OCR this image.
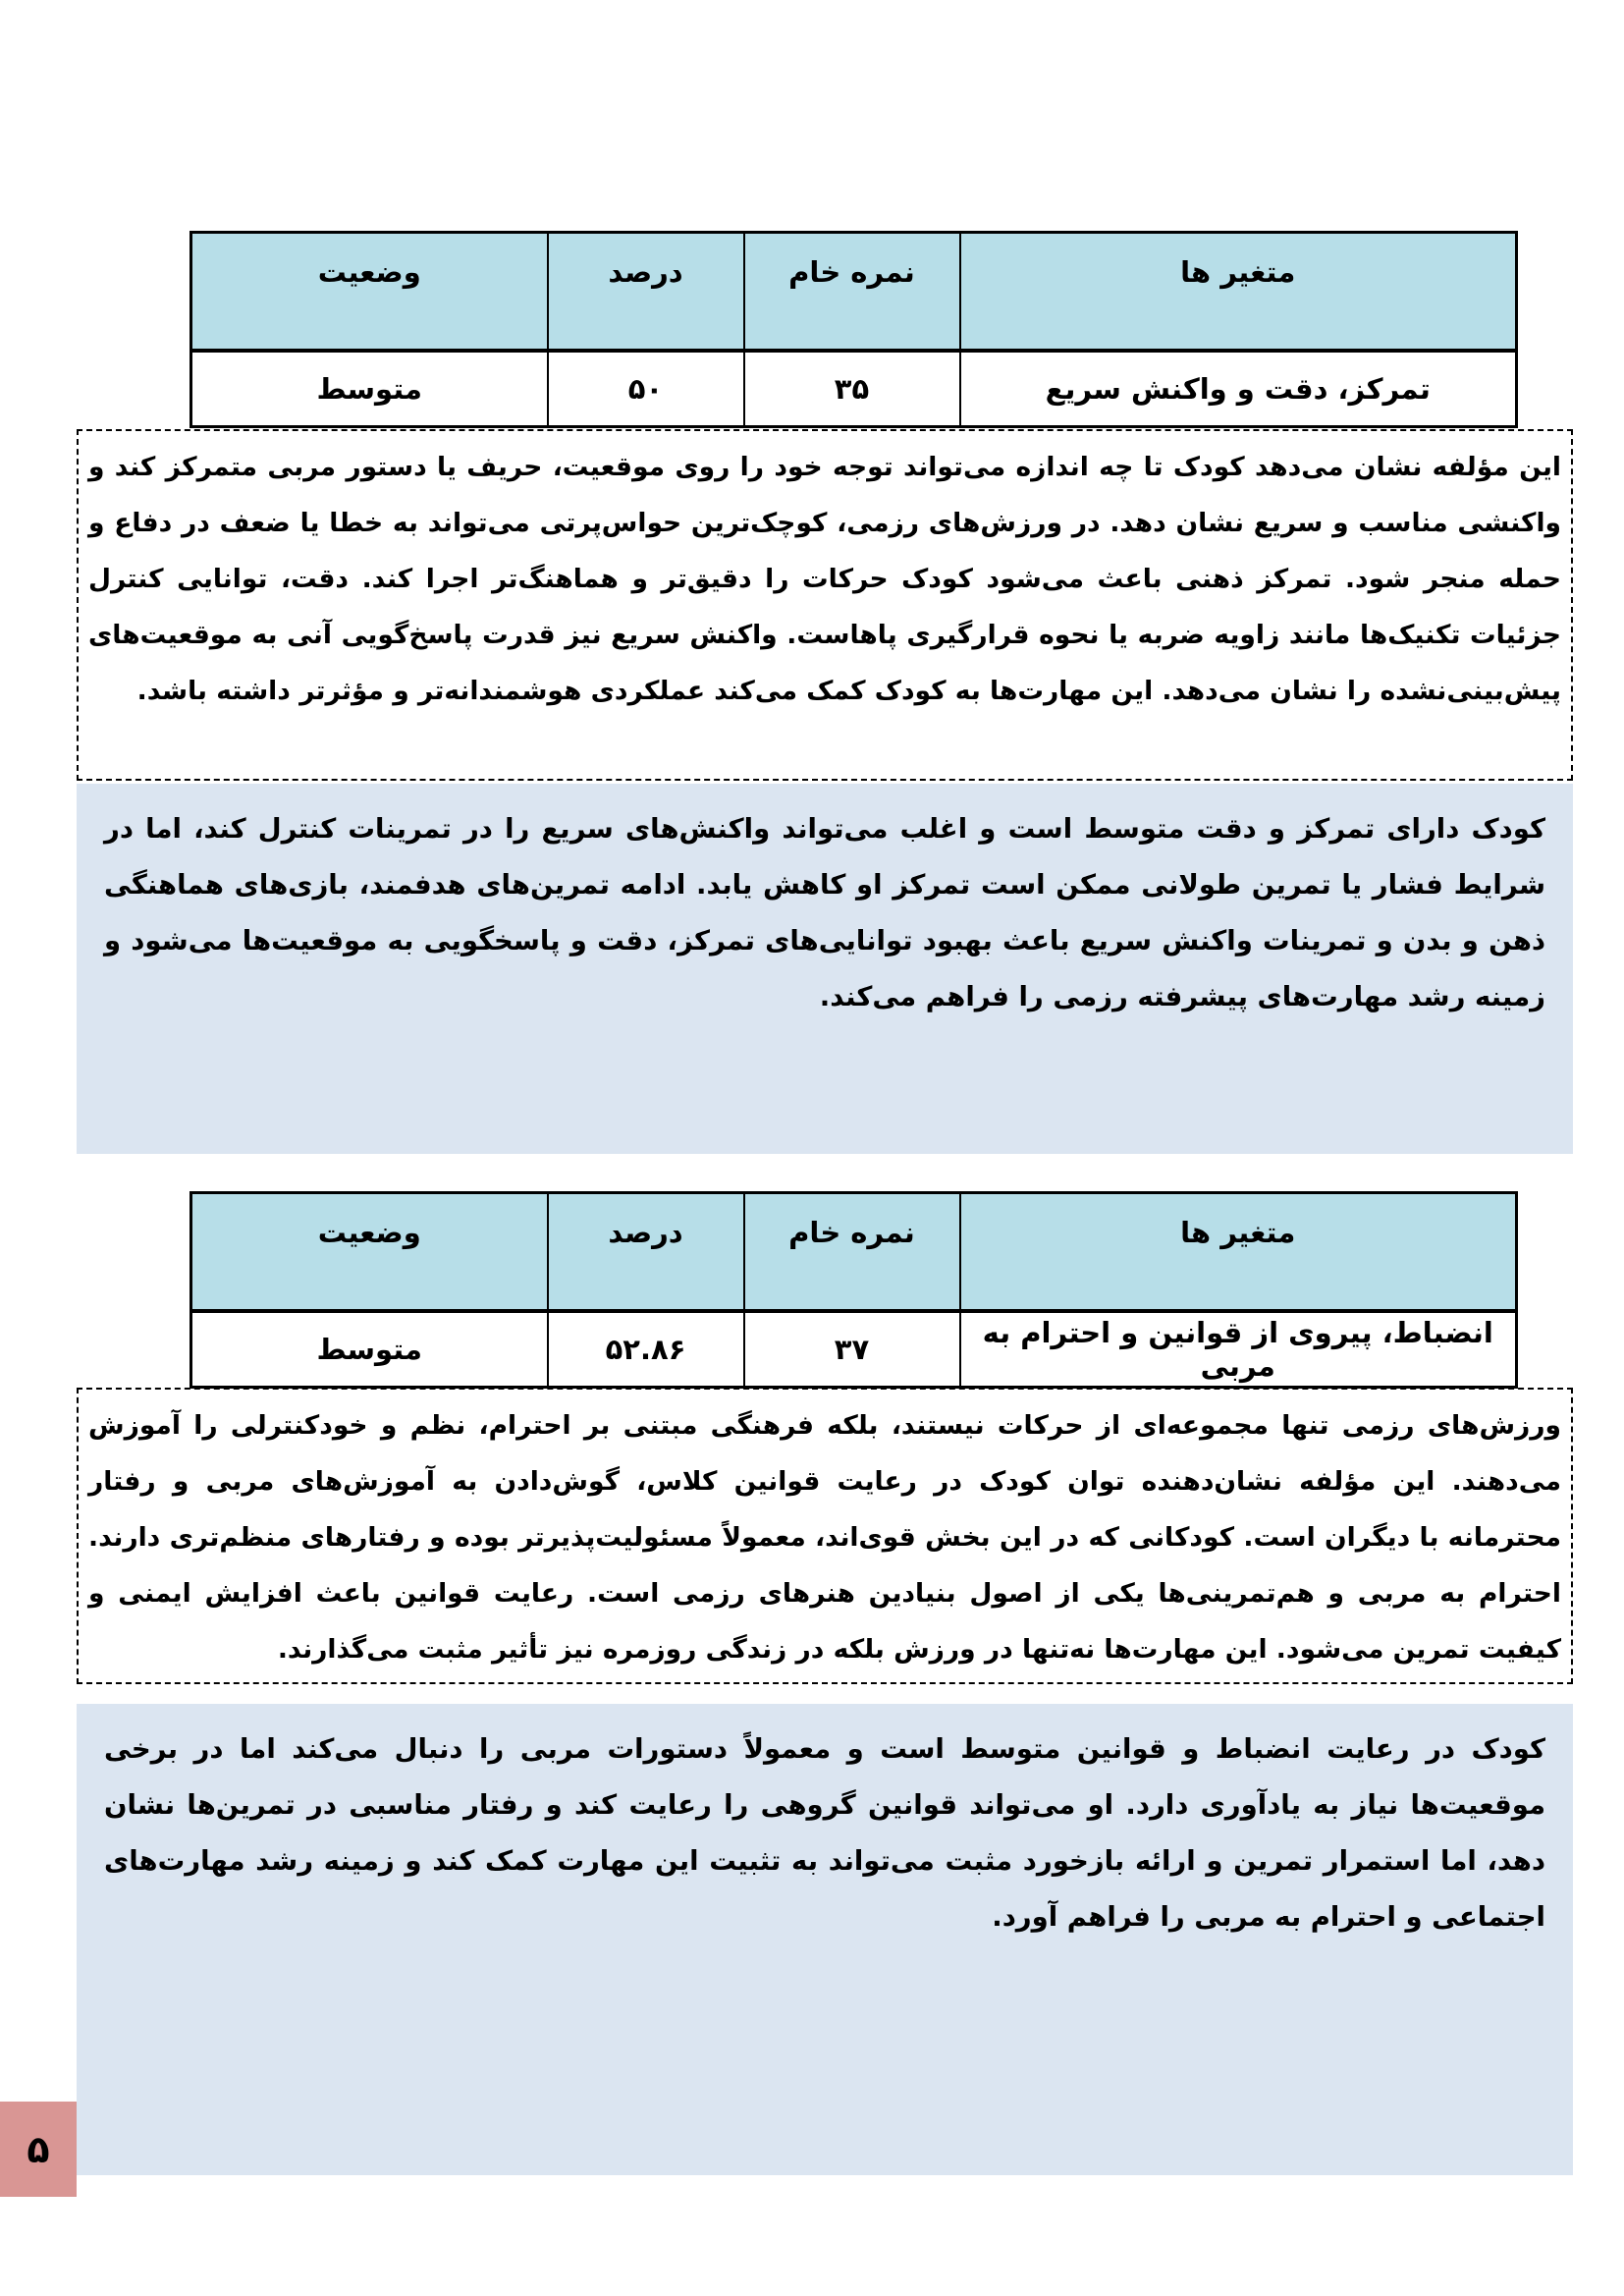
متغیر ها	نمره خام	درصد	وضعیت
تمرکز، دقت و واکنش سریع	۳۵	۵۰	متوسط
این مؤلفه نشان می‌دهد کودک تا چه اندازه می‌تواند توجه خود را روی موقعیت، حریف یا دستور مربی متمرکز کند و واکنشی مناسب و سریع نشان دهد. در ورزش‌های رزمی، کوچک‌ترین حواس‌پرتی می‌تواند به خطا یا ضعف در دفاع و حمله منجر شود. تمرکز ذهنی باعث می‌شود کودک حرکات را دقیق‌تر و هماهنگ‌تر اجرا کند. دقت، توانایی کنترل جزئیات تکنیک‌ها مانند زاویه ضربه یا نحوه قرارگیری پاهاست. واکنش سریع نیز قدرت پاسخ‌گویی آنی به موقعیت‌های پیش‌بینی‌نشده را نشان می‌دهد. این مهارت‌ها به کودک کمک می‌کند عملکردی هوشمندانه‌تر و مؤثرتر داشته باشد.
کودک دارای تمرکز و دقت متوسط است و اغلب می‌تواند واکنش‌های سریع را در تمرینات کنترل کند، اما در شرایط فشار یا تمرین طولانی ممکن است تمرکز او کاهش یابد. ادامه تمرین‌های هدفمند، بازی‌های هماهنگی ذهن و بدن و تمرینات واکنش سریع باعث بهبود توانایی‌های تمرکز، دقت و پاسخگویی به موقعیت‌ها می‌شود و زمینه رشد مهارت‌های پیشرفته رزمی را فراهم می‌کند.
متغیر ها	نمره خام	درصد	وضعیت
انضباط، پیروی از قوانین و احترام به مربی	۳۷	۵۲.۸۶	متوسط
ورزش‌های رزمی تنها مجموعه‌ای از حرکات نیستند، بلکه فرهنگی مبتنی بر احترام، نظم و خودکنترلی را آموزش می‌دهند. این مؤلفه نشان‌دهنده توان کودک در رعایت قوانین کلاس، گوش‌دادن به آموزش‌های مربی و رفتار محترمانه با دیگران است. کودکانی که در این بخش قوی‌اند، معمولاً مسئولیت‌پذیرتر بوده و رفتارهای منظم‌تری دارند. احترام به مربی و هم‌تمرینی‌ها یکی از اصول بنیادین هنرهای رزمی است. رعایت قوانین باعث افزایش ایمنی و کیفیت تمرین می‌شود. این مهارت‌ها نه‌تنها در ورزش بلکه در زندگی روزمره نیز تأثیر مثبت می‌گذارند.
کودک در رعایت انضباط و قوانین متوسط است و معمولاً دستورات مربی را دنبال می‌کند اما در برخی موقعیت‌ها نیاز به یادآوری دارد. او می‌تواند قوانین گروهی را رعایت کند و رفتار مناسبی در تمرین‌ها نشان دهد، اما استمرار تمرین و ارائه بازخورد مثبت می‌تواند به تثبیت این مهارت کمک کند و زمینه رشد مهارت‌های اجتماعی و احترام به مربی را فراهم آورد.
۵
